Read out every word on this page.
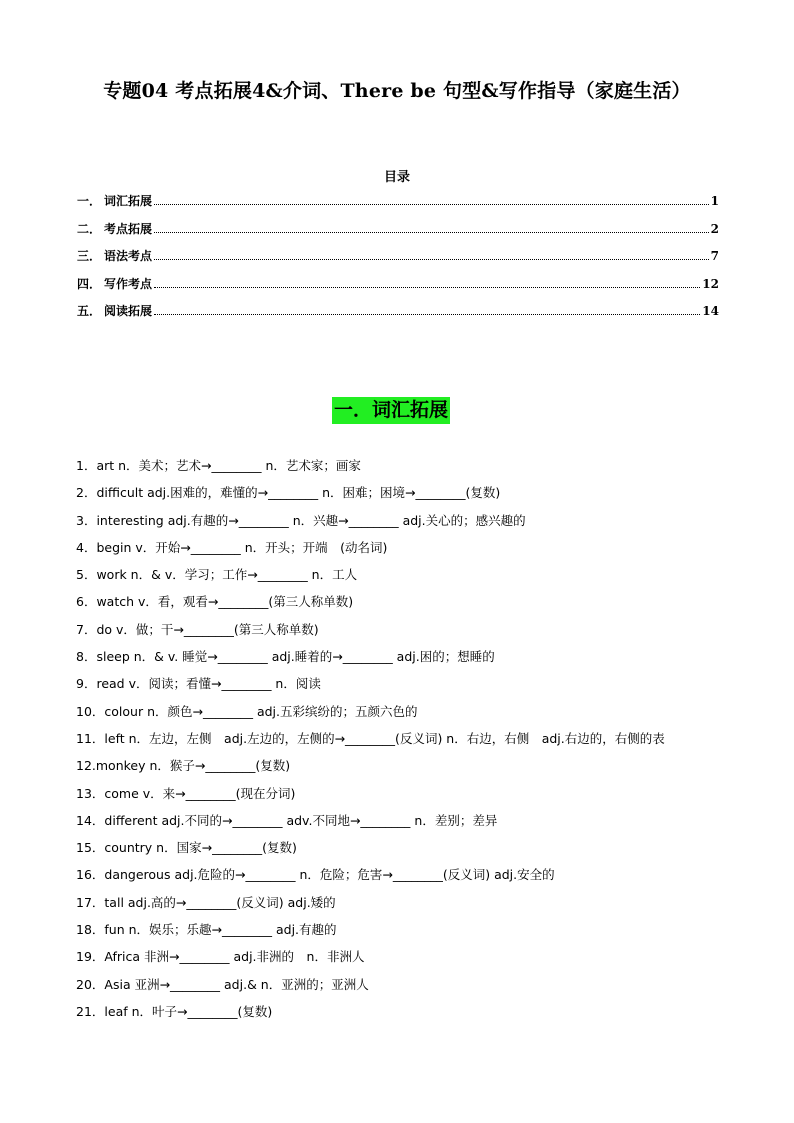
专题04 考点拓展4&介词、There be 句型&写作指导（家庭生活）
目录
一． 词汇拓展	1
二． 考点拓展	2
三． 语法考点	7
四． 写作考点	12
五． 阅读拓展	14
一．词汇拓展
1．art n．美术；艺术→________ n．艺术家；画家
2．difficult adj.困难的，难懂的→________ n．困难；困境→________(复数)
3．interesting adj.有趣的→________ n．兴趣→________ adj.关心的；感兴趣的
4．begin v．开始→________ n．开头；开端　(动名词)
5．work n．& v．学习；工作→________ n．工人
6．watch v．看，观看→________(第三人称单数)
7．do v．做；干→________(第三人称单数)
8．sleep n．& v. 睡觉→________ adj.睡着的→________ adj.困的；想睡的
9．read v．阅读；看懂→________ n．阅读
10．colour n．颜色→________ adj.五彩缤纷的；五颜六色的
11．left n．左边，左侧　adj.左边的，左侧的→________(反义词) n．右边，右侧　adj.右边的，右侧的表
12.monkey n．猴子→________(复数)
13．come v．来→________(现在分词)
14．different adj.不同的→________ adv.不同地→________ n．差别；差异
15．country n．国家→________(复数)
16．dangerous adj.危险的→________ n．危险；危害→________(反义词) adj.安全的
17．tall adj.高的→________(反义词) adj.矮的
18．fun n．娱乐；乐趣→________ adj.有趣的
19．Africa 非洲→________ adj.非洲的　n．非洲人
20．Asia 亚洲→________ adj.& n．亚洲的；亚洲人
21．leaf n．叶子→________(复数)
